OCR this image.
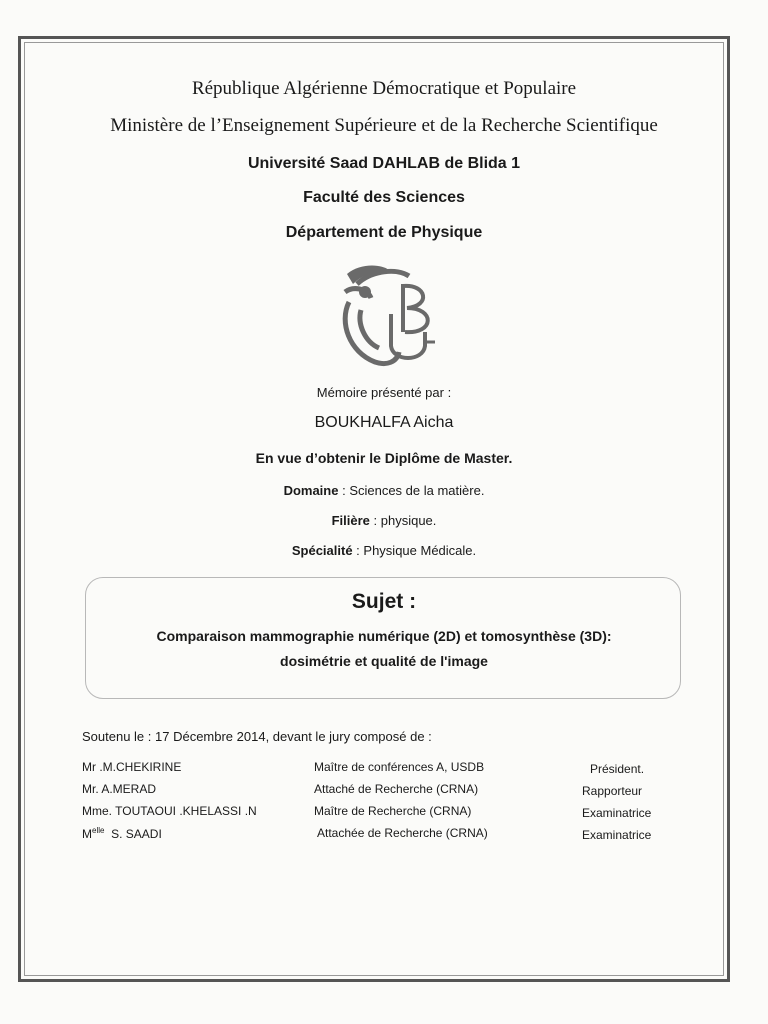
République Algérienne Démocratique et Populaire
Ministère de l’Enseignement Supérieure et de la Recherche Scientifique
Université Saad DAHLAB de Blida 1
Faculté des Sciences
Département de Physique
Mémoire présenté par :
BOUKHALFA Aicha
En vue d’obtenir le Diplôme de Master.
Domaine : Sciences de la matière.
Filière : physique.
Spécialité : Physique Médicale.
Sujet :
Comparaison mammographie numérique (2D) et tomosynthèse (3D):
dosimétrie et qualité de l'image
Soutenu le : 17 Décembre 2014, devant le jury composé de :
Mr .M.CHEKIRINE	Maître de conférences A, USDB	Président.
Mr. A.MERAD	Attaché de Recherche (CRNA)	Rapporteur
Mme. TOUTAOUI .KHELASSI .N	Maître de Recherche (CRNA)	Examinatrice
$M^{elle}$  S. SAADI	Attachée de Recherche (CRNA)	Examinatrice
